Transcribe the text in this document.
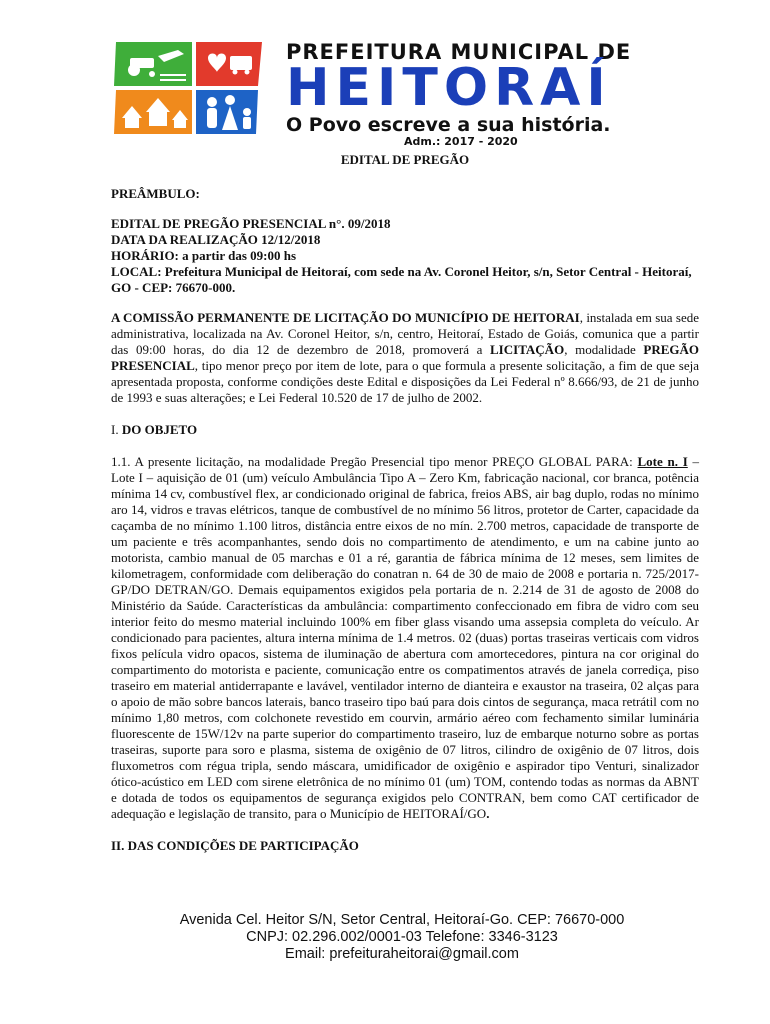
PREFEITURA MUNICIPAL DE
HEITORAÍ
O Povo escreve a sua história.
Adm.: 2017 - 2020

EDITAL DE PREGÃO

PREÂMBULO:

EDITAL DE PREGÃO PRESENCIAL n°. 09/2018

DATA DA REALIZAÇÃO 12/12/2018

HORÁRIO: a partir das 09:00 hs

LOCAL: Prefeitura Municipal de Heitoraí, com sede na Av. Coronel Heitor, s/n, Setor Central - Heitoraí, GO - CEP: 76670-000.

A COMISSÃO PERMANENTE DE LICITAÇÃO DO MUNICÍPIO DE HEITORAI, instalada em sua sede administrativa, localizada na Av. Coronel Heitor, s/n, centro, Heitoraí, Estado de Goiás, comunica que a partir das 09:00 horas, do dia 12 de dezembro de 2018, promoverá a LICITAÇÃO, modalidade PREGÃO PRESENCIAL, tipo menor preço por item de lote, para o que formula a presente solicitação, a fim de que seja apresentada proposta, conforme condições deste Edital e disposições da Lei Federal nº 8.666/93, de 21 de junho de 1993 e suas alterações; e Lei Federal 10.520 de 17 de julho de 2002.

I. DO OBJETO

1.1. A presente licitação, na modalidade Pregão Presencial tipo menor PREÇO GLOBAL PARA: Lote n. I – Lote I – aquisição de 01 (um) veículo Ambulância Tipo A – Zero Km, fabricação nacional, cor branca, potência mínima 14 cv, combustível flex, ar condicionado original de fabrica, freios ABS, air bag duplo, rodas no mínimo aro 14, vidros e travas elétricos, tanque de combustível de no mínimo 56 litros, protetor de Carter, capacidade da caçamba de no mínimo 1.100 litros, distância entre eixos de no mín. 2.700 metros, capacidade de transporte de um paciente e três acompanhantes, sendo dois no compartimento de atendimento, e um na cabine junto ao motorista, cambio manual de 05 marchas e 01 a ré, garantia de fábrica mínima de 12 meses, sem limites de kilometragem, conformidade com deliberação do conatran n. 64 de 30 de maio de 2008 e portaria n. 725/2017-GP/DO DETRAN/GO. Demais equipamentos exigidos pela portaria de n. 2.214 de 31 de agosto de 2008 do Ministério da Saúde. Características da ambulância: compartimento confeccionado em fibra de vidro com seu interior feito do mesmo material incluindo 100% em fiber glass visando uma assepsia completa do veículo. Ar condicionado para pacientes, altura interna mínima de 1.4 metros. 02 (duas) portas traseiras verticais com vidros fixos película vidro opacos, sistema de iluminação de abertura com amortecedores, pintura na cor original do compartimento do motorista e paciente, comunicação entre os compatimentos através de janela corrediça, piso traseiro em material antiderrapante e lavável, ventilador interno de dianteira e exaustor na traseira, 02 alças para o apoio de mão sobre bancos laterais, banco traseiro tipo baú para dois cintos de segurança, maca retrátil com no mínimo 1,80 metros, com colchonete revestido em courvin, armário aéreo com fechamento similar luminária fluorescente de 15W/12v na parte superior do compartimento traseiro, luz de embarque noturno sobre as portas traseiras, suporte para soro e plasma, sistema de oxigênio de 07 litros, cilindro de oxigênio de 07 litros, dois fluxometros com régua tripla, sendo máscara, umidificador de oxigênio e aspirador tipo Venturi, sinalizador ótico-acústico em LED com sirene eletrônica de no mínimo 01 (um) TOM, contendo todas as normas da ABNT e dotada de todos os equipamentos de segurança exigidos pelo CONTRAN, bem como CAT certificador de adequação e legislação de transito, para o Município de HEITORAÍ/GO.

II. DAS CONDIÇÕES DE PARTICIPAÇÃO

Avenida Cel. Heitor S/N, Setor Central, Heitoraí-Go. CEP: 76670-000
CNPJ: 02.296.002/0001-03 Telefone: 3346-3123
Email: prefeituraheitorai@gmail.com
